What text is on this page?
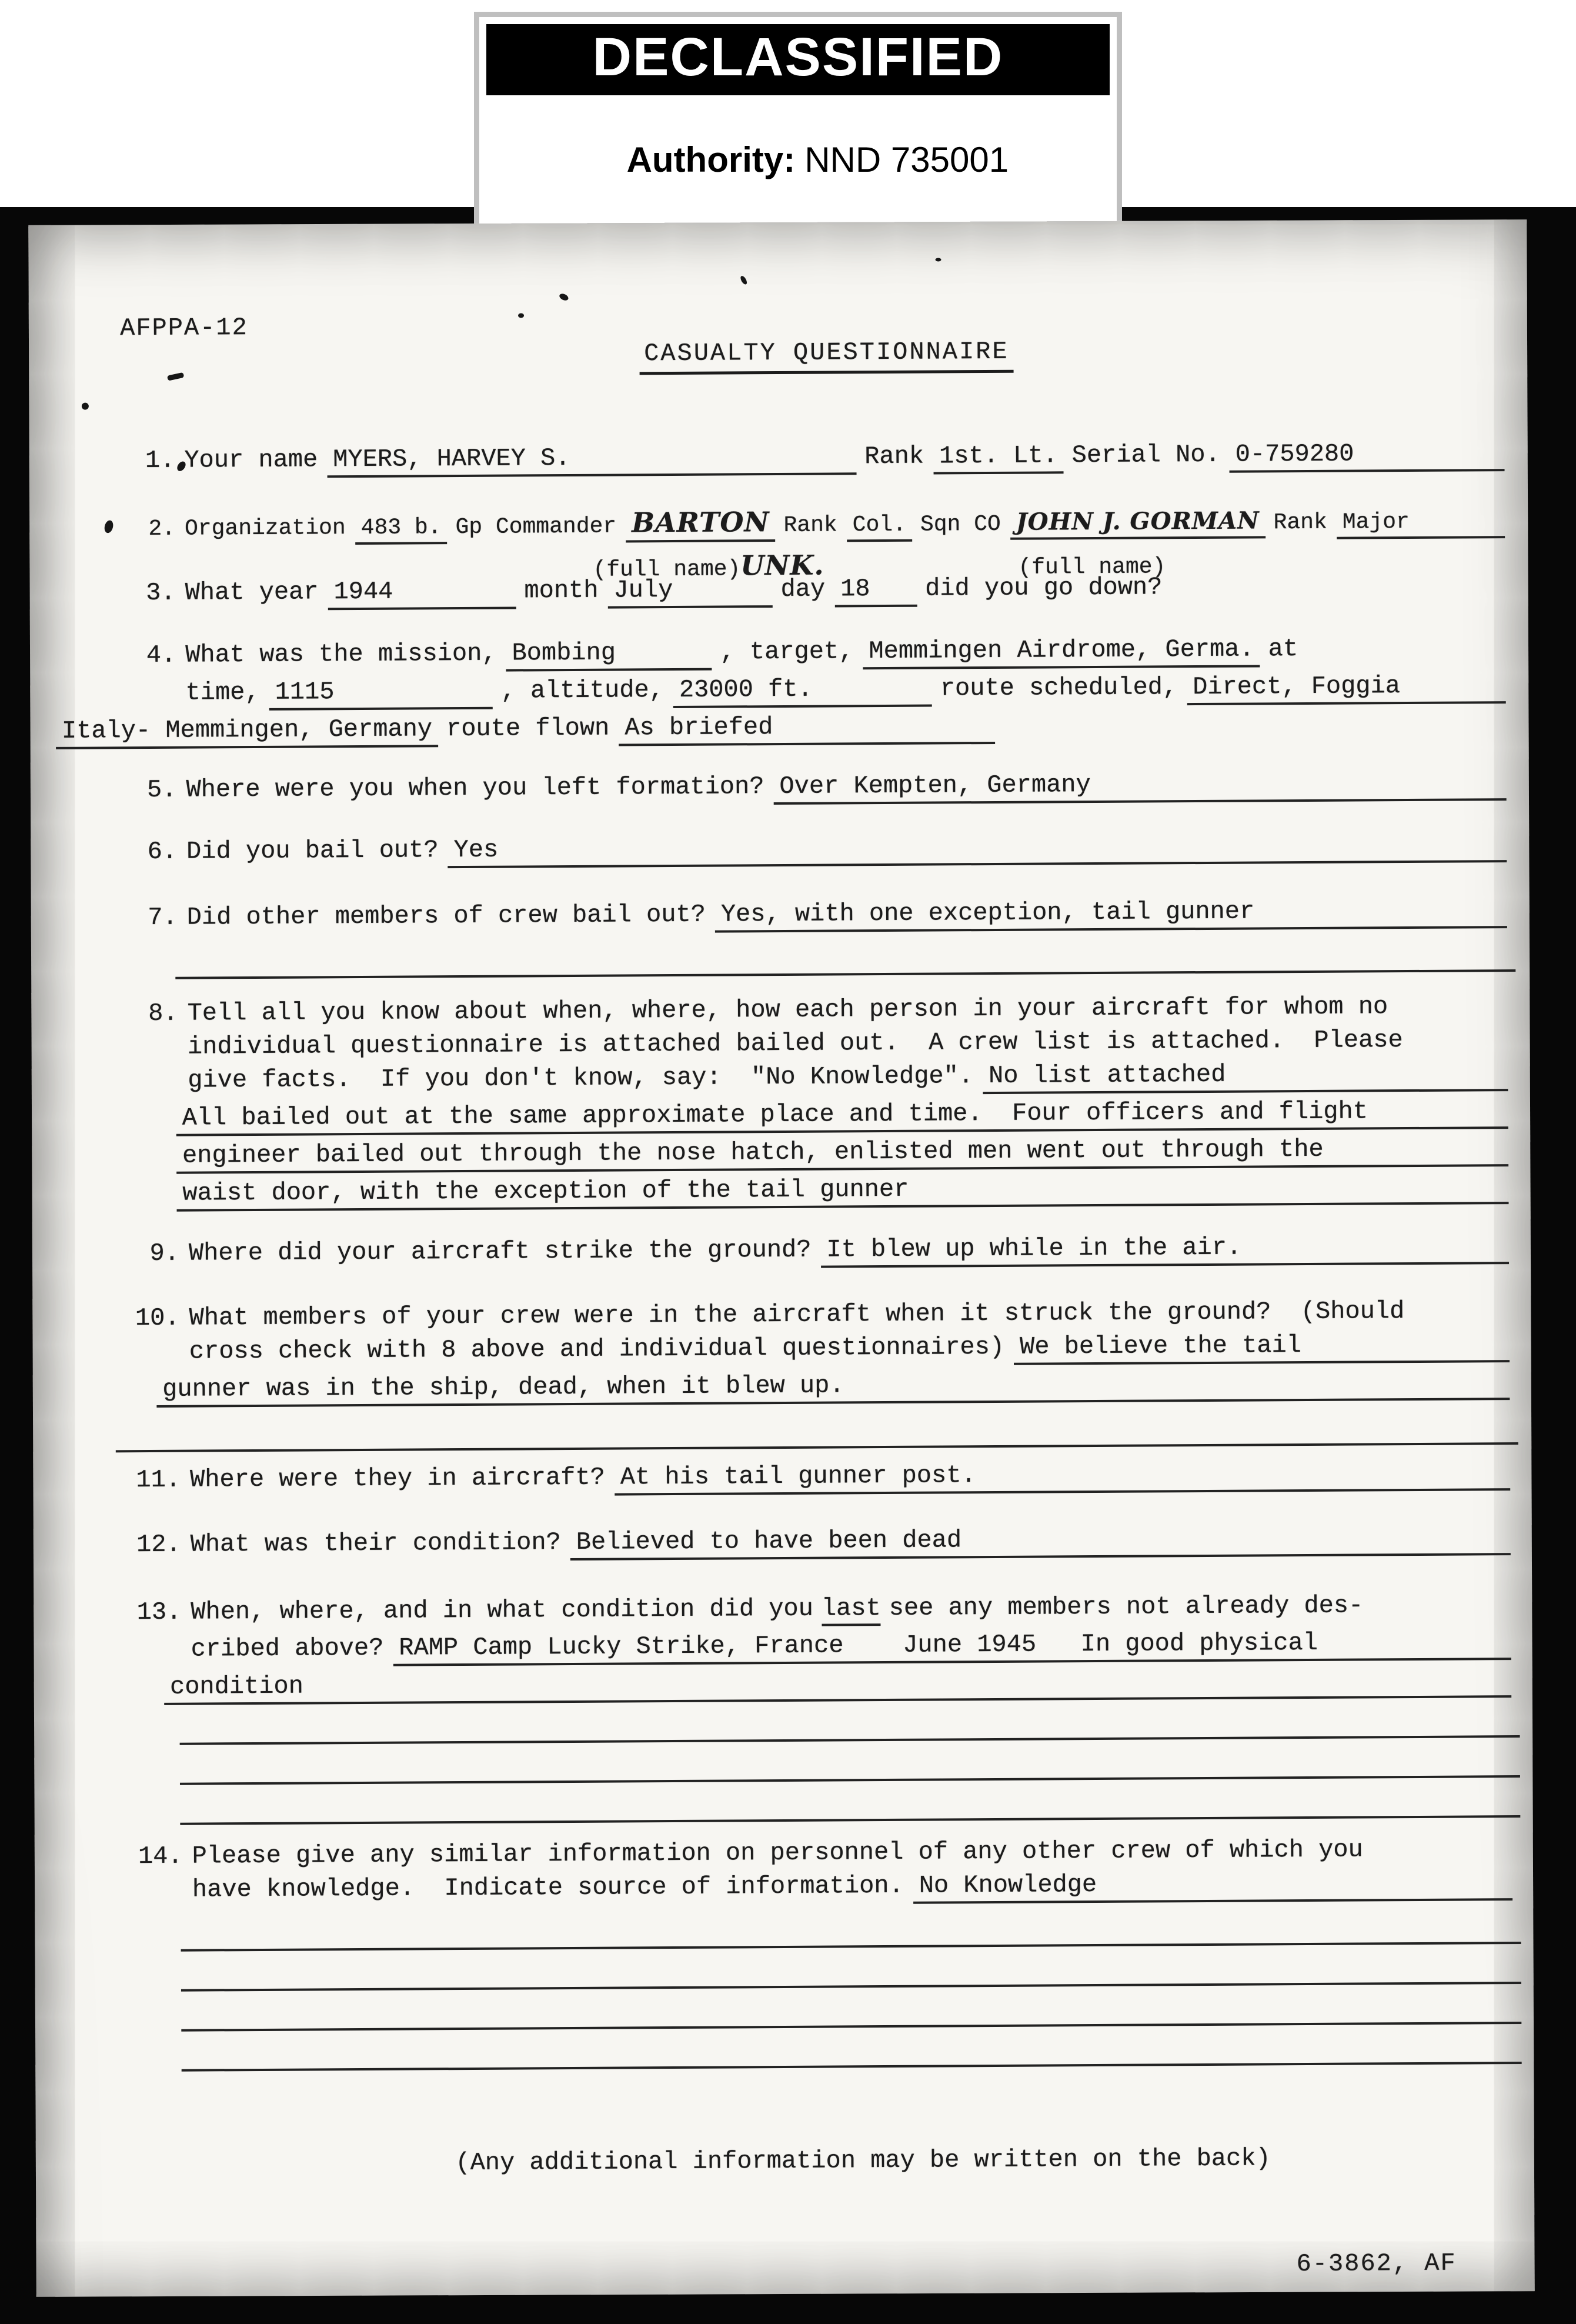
DECLASSIFIED

Authority: NND 735001

AFPPA-12
CASUALTY QUESTIONNAIRE
1. Your name MYERS, HARVEY S.	Rank 1st. Lt. Serial No. 0-759280
2. Organization 483 b. Gp Commander BARTON Rank Col. Sqn CO JOHN J. GORMAN Rank Major
(full name) UNK.	(full name)
3. What year 1944	month July	day 18	did you go down?
4. What was the mission, Bombing	, target, Memmingen Airdrome, Germa. at
time, 1115	, altitude, 23000 ft.	route scheduled, Direct, Foggia
Italy- Memmingen, Germany route flown As briefed
5. Where were you when you left formation? Over Kempten, Germany
6. Did you bail out? Yes
7. Did other members of crew bail out? Yes, with one exception, tail gunner
8. Tell all you know about when, where, how each person in your aircraft for whom no
individual questionnaire is attached bailed out.  A crew list is attached.  Please
give facts.  If you don't know, say:  "No Knowledge". No list attached
All bailed out at the same approximate place and time.  Four officers and flight
engineer bailed out through the nose hatch, enlisted men went out through the
waist door, with the exception of the tail gunner
9. Where did your aircraft strike the ground? It blew up while in the air.
10. What members of your crew were in the aircraft when it struck the ground?  (Should
cross check with 8 above and individual questionnaires) We believe the tail
gunner was in the ship, dead, when it blew up.
11. Where were they in aircraft? At his tail gunner post.
12. What was their condition? Believed to have been dead
13. When, where, and in what condition did you last see any members not already des-
cribed above? RAMP Camp Lucky Strike, France    June 1945   In good physical
condition
14. Please give any similar information on personnel of any other crew of which you
have knowledge.  Indicate source of information. No Knowledge
(Any additional information may be written on the back)
6-3862, AF
